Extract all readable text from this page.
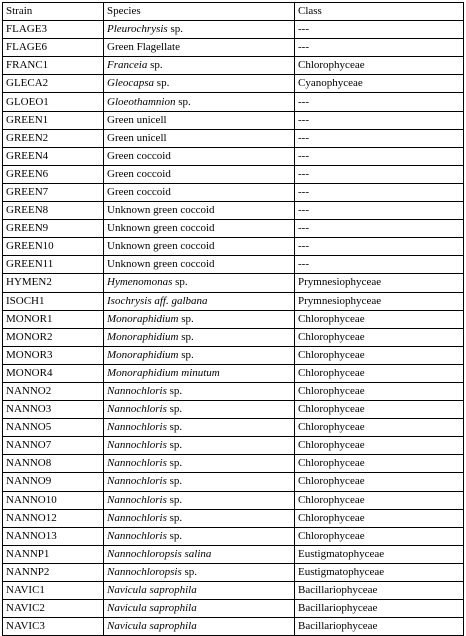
Strain	Species	Class
FLAGE3	Pleurochrysis sp.	---
FLAGE6	Green Flagellate	---
FRANC1	Franceia sp.	Chlorophyceae
GLECA2	Gleocapsa sp.	Cyanophyceae
GLOEO1	Gloeothamnion sp.	---
GREEN1	Green unicell	---
GREEN2	Green unicell	---
GREEN4	Green coccoid	---
GREEN6	Green coccoid	---
GREEN7	Green coccoid	---
GREEN8	Unknown green coccoid	---
GREEN9	Unknown green coccoid	---
GREEN10	Unknown green coccoid	---
GREEN11	Unknown green coccoid	---
HYMEN2	Hymenomonas sp.	Prymnesiophyceae
ISOCH1	Isochrysis aff. galbana	Prymnesiophyceae
MONOR1	Monoraphidium sp.	Chlorophyceae
MONOR2	Monoraphidium sp.	Chlorophyceae
MONOR3	Monoraphidium sp.	Chlorophyceae
MONOR4	Monoraphidium minutum	Chlorophyceae
NANNO2	Nannochloris sp.	Chlorophyceae
NANNO3	Nannochloris sp.	Chlorophyceae
NANNO5	Nannochloris sp.	Chlorophyceae
NANNO7	Nannochloris sp.	Chlorophyceae
NANNO8	Nannochloris sp.	Chlorophyceae
NANNO9	Nannochloris sp.	Chlorophyceae
NANNO10	Nannochloris sp.	Chlorophyceae
NANNO12	Nannochloris sp.	Chlorophyceae
NANNO13	Nannochloris sp.	Chlorophyceae
NANNP1	Nannochloropsis salina	Eustigmatophyceae
NANNP2	Nannochloropsis sp.	Eustigmatophyceae
NAVIC1	Navicula saprophila	Bacillariophyceae
NAVIC2	Navicula saprophila	Bacillariophyceae
NAVIC3	Navicula saprophila	Bacillariophyceae
